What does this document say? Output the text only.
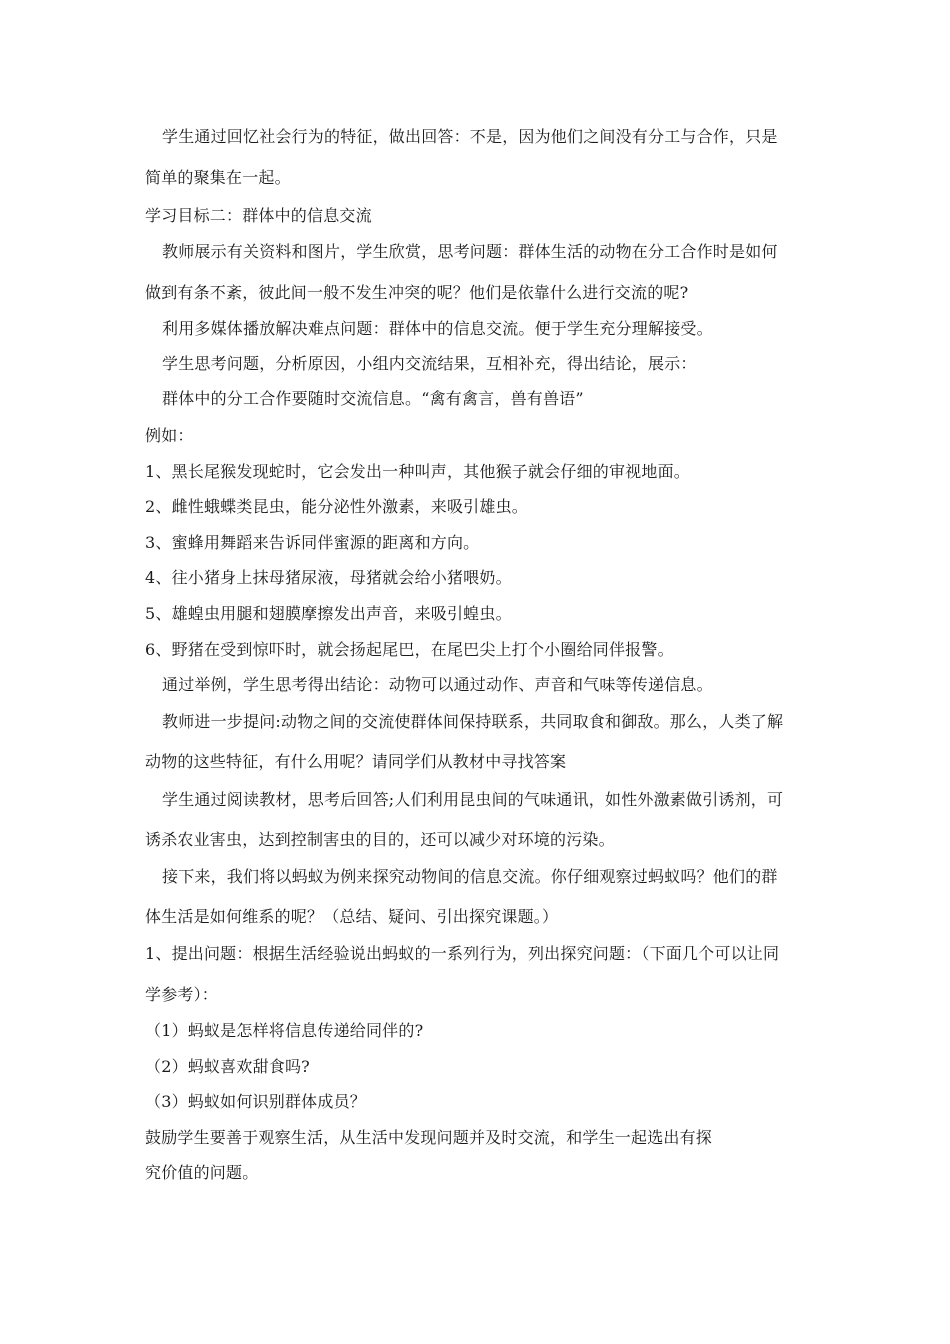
学生通过回忆社会行为的特征，做出回答：不是，因为他们之间没有分工与合作，只是
简单的聚集在一起。
学习目标二：群体中的信息交流
教师展示有关资料和图片，学生欣赏，思考问题：群体生活的动物在分工合作时是如何
做到有条不紊，彼此间一般不发生冲突的呢？他们是依靠什么进行交流的呢?
利用多媒体播放解决难点问题：群体中的信息交流。便于学生充分理解接受。
学生思考问题，分析原因，小组内交流结果，互相补充，得出结论，展示：
群体中的分工合作要随时交流信息。“禽有禽言，兽有兽语”
例如：
1、黑长尾猴发现蛇时，它会发出一种叫声，其他猴子就会仔细的审视地面。
2、雌性蛾蝶类昆虫，能分泌性外激素，来吸引雄虫。
3、蜜蜂用舞蹈来告诉同伴蜜源的距离和方向。
4、往小猪身上抹母猪尿液，母猪就会给小猪喂奶。
5、雄蝗虫用腿和翅膜摩擦发出声音，来吸引蝗虫。
6、野猪在受到惊吓时，就会扬起尾巴，在尾巴尖上打个小圈给同伴报警。
通过举例，学生思考得出结论：动物可以通过动作、声音和气味等传递信息。
教师进一步提问:动物之间的交流使群体间保持联系，共同取食和御敌。那么，人类了解
动物的这些特征，有什么用呢？请同学们从教材中寻找答案
学生通过阅读教材，思考后回答;人们利用昆虫间的气味通讯，如性外激素做引诱剂，可
诱杀农业害虫，达到控制害虫的目的，还可以减少对环境的污染。
接下来，我们将以蚂蚁为例来探究动物间的信息交流。你仔细观察过蚂蚁吗？他们的群
体生活是如何维系的呢？（总结、疑问、引出探究课题。）
1、提出问题：根据生活经验说出蚂蚁的一系列行为，列出探究问题：（下面几个可以让同
学参考）：
（1）蚂蚁是怎样将信息传递给同伴的?
（2）蚂蚁喜欢甜食吗?
（3）蚂蚁如何识别群体成员？
鼓励学生要善于观察生活，从生活中发现问题并及时交流，和学生一起选出有探
究价值的问题。
